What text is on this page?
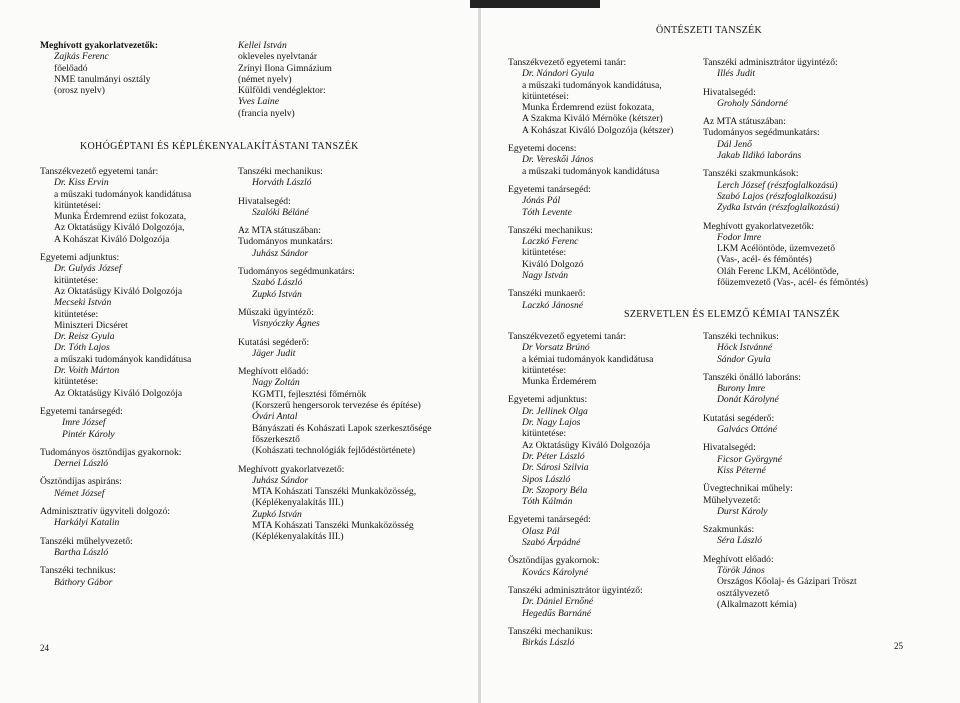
Meghívott gyakorlatvezetők:
Zajkás Ferenc
főelőadó
NME tanulmányi osztály
(orosz nyelv)
Kellei István
okleveles nyelvtanár
Zrínyi Ilona Gimnázium
(német nyelv)
Külföldi vendéglektor:
Yves Laine
(francia nyelv)
KOHÓGÉPTANI ÉS KÉPLÉKENYALAKÍTÁSTANI TANSZÉK
Tanszékvezető egyetemi tanár:
Dr. Kiss Ervin
a műszaki tudományok kandidátusa
kitüntetései:
Munka Érdemrend ezüst fokozata,
Az Oktatásügy Kiváló Dolgozója,
A Kohászat Kiváló Dolgozója
Egyetemi adjunktus:
Dr. Gulyás József
kitüntetése:
Az Oktatásügy Kiváló Dolgozója
Mecseki István
kitüntetése:
Miniszteri Dicséret
Dr. Reisz Gyula
Dr. Tóth Lajos
a műszaki tudományok kandidátusa
Dr. Voith Márton
kitüntetése:
Az Oktatásügy Kiváló Dolgozója
Egyetemi tanársegéd:
Imre József
Pintér Károly
Tudományos ösztöndíjas gyakornok:
Dernei László
Ösztöndíjas aspiráns:
Német József
Adminisztratív ügyviteli dolgozó:
Harkályi Katalin
Tanszéki műhelyvezető:
Bartha László
Tanszéki technikus:
Báthory Gábor
Tanszéki mechanikus:
Horváth László
Hivatalsegéd:
Szalóki Béláné
Az MTA státuszában:
Tudományos munkatárs:
Juhász Sándor
Tudományos segédmunkatárs:
Szabó László
Zupkó István
Műszaki ügyintéző:
Visnyóczky Ágnes
Kutatási segéderő:
Jäger Judit
Meghívott előadó:
Nagy Zoltán
KGMTI, fejlesztési főmérnök
(Korszerű hengersorok tervezése és építése)
Óvári Antal
Bányászati és Kohászati Lapok szerkesztősége
főszerkesztő
(Kohászati technológiák fejlődéstörténete)
Meghívott gyakorlatvezető:
Juhász Sándor
MTA Kohászati Tanszéki Munkaközösség,
(Képlékenyalakítás III.)
Zupkó István
MTA Kohászati Tanszéki Munkaközösség
(Képlékenyalakítás III.)
24
ÖNTÉSZETI TANSZÉK
Tanszékvezető egyetemi tanár:
Dr. Nándori Gyula
a műszaki tudományok kandidátusa,
kitüntetései:
Munka Érdemrend ezüst fokozata,
A Szakma Kiváló Mérnöke (kétszer)
A Kohászat Kiváló Dolgozója (kétszer)
Egyetemi docens:
Dr. Vereskői János
a műszaki tudományok kandidátusa
Egyetemi tanársegéd:
Jónás Pál
Tóth Levente
Tanszéki mechanikus:
Laczkó Ferenc
kitüntetése:
Kiváló Dolgozó
Nagy István
Tanszéki munkaerő:
Laczkó Jánosné
Tanszéki adminisztrátor ügyintéző:
Illés Judit
Hivatalsegéd:
Groholy Sándorné
Az MTA státuszában:
Tudományos segédmunkatárs:
Dál Jenő
Jakab Ildikó laboráns
Tanszéki szakmunkások:
Lerch József (részfoglalkozású)
Szabó Lajos (részfoglalkozású)
Zydka István (részfoglalkozású)
Meghívott gyakorlatvezetők:
Fodor Imre
LKM Acélöntöde, üzemvezető
(Vas-, acél- és fémöntés)
Oláh Ferenc LKM, Acélöntöde,
főüzemvezető (Vas-, acél- és fémöntés)
SZERVETLEN ÉS ELEMZŐ KÉMIAI TANSZÉK
Tanszékvezető egyetemi tanár:
Dr Vorsatz Brúnó
a kémiai tudományok kandidátusa
kitüntetése:
Munka Érdemérem
Egyetemi adjunktus:
Dr. Jellinek Olga
Dr. Nagy Lajos
kitüntetése:
Az Oktatásügy Kiváló Dolgozója
Dr. Péter László
Dr. Sárosi Szilvia
Sipos László
Dr. Szopory Béla
Tóth Kálmán
Egyetemi tanársegéd:
Olasz Pál
Szabó Árpádné
Ösztöndíjas gyakornok:
Kovács Károlyné
Tanszéki adminisztrátor ügyintéző:
Dr. Dániel Ernőné
Hegedűs Barnáné
Tanszéki mechanikus:
Birkás László
Tanszéki technikus:
Höck Istvánné
Sándor Gyula
Tanszéki önálló laboráns:
Burony Imre
Donát Károlyné
Kutatási segéderő:
Galvács Ottóné
Hivatalsegéd:
Ficsor Györgyné
Kiss Péterné
Üvegtechnikai műhely:
Műhelyvezető:
Durst Károly
Szakmunkás:
Séra László
Meghívott előadó:
Török János
Országos Kőolaj- és Gázipari Tröszt
osztályvezető
(Alkalmazott kémia)
25
